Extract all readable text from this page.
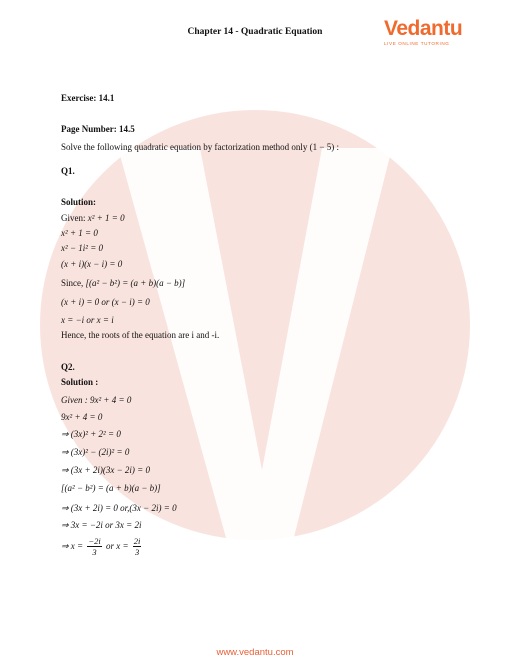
Chapter 14 - Quadratic Equation	Vedantu
LIVE ONLINE TUTORING
Exercise: 14.1
Page Number: 14.5
Solve the following quadratic equation by factorization method only (1 − 5) :
Q1.
Solution:
Given: x² + 1 = 0
x² + 1 = 0
x² − 1i² = 0
(x + i)(x − i) = 0
Since, [(a² − b²) = (a + b)(a − b)]
(x + i) = 0 or (x − i) = 0
x = −i or x = i
Hence, the roots of the equation are i and -i.
Q2.
Solution :
Given : 9x² + 4 = 0
9x² + 4 = 0
⇒ (3x)² + 2² = 0
⇒ (3x)² − (2i)² = 0
⇒ (3x + 2i)(3x − 2i) = 0
[(a² − b²) = (a + b)(a − b)]
⇒ (3x + 2i) = 0 or,(3x − 2i) = 0
⇒ 3x = −2i or 3x = 2i
⇒ $x = \frac{-2i}{3}$ or $x = \frac{2i}{3}$
www.vedantu.com
